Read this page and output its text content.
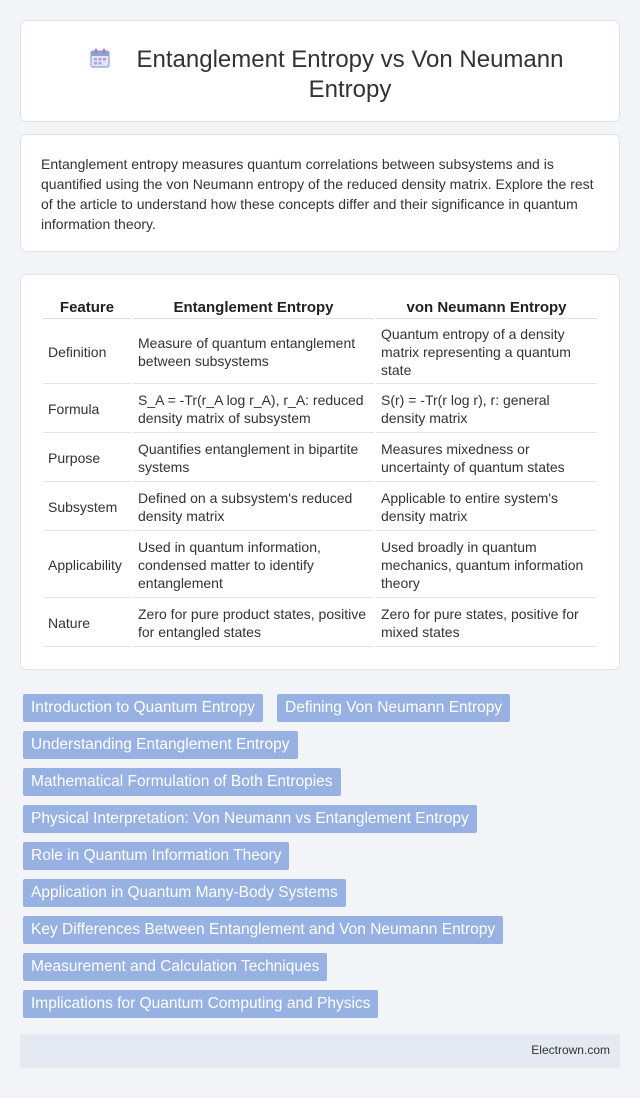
Entanglement Entropy vs Von Neumann Entropy

Entanglement entropy measures quantum correlations between subsystems and is quantified using the von Neumann entropy of the reduced density matrix. Explore the rest of the article to understand how these concepts differ and their significance in quantum information theory.

Feature	Entanglement Entropy	von Neumann Entropy
Definition	Measure of quantum entanglement between subsystems	Quantum entropy of a density matrix representing a quantum state
Formula	S_A = -Tr(r_A log r_A), r_A: reduced density matrix of subsystem	S(r) = -Tr(r log r), r: general density matrix
Purpose	Quantifies entanglement in bipartite systems	Measures mixedness or uncertainty of quantum states
Subsystem	Defined on a subsystem's reduced density matrix	Applicable to entire system's density matrix
Applicability	Used in quantum information, condensed matter to identify entanglement	Used broadly in quantum mechanics, quantum information theory
Nature	Zero for pure product states, positive for entangled states	Zero for pure states, positive for mixed states
Introduction to Quantum Entropy	Defining Von Neumann Entropy
Understanding Entanglement Entropy
Mathematical Formulation of Both Entropies
Physical Interpretation: Von Neumann vs Entanglement Entropy
Role in Quantum Information Theory
Application in Quantum Many-Body Systems
Key Differences Between Entanglement and Von Neumann Entropy
Measurement and Calculation Techniques
Implications for Quantum Computing and Physics
Electrown.com
